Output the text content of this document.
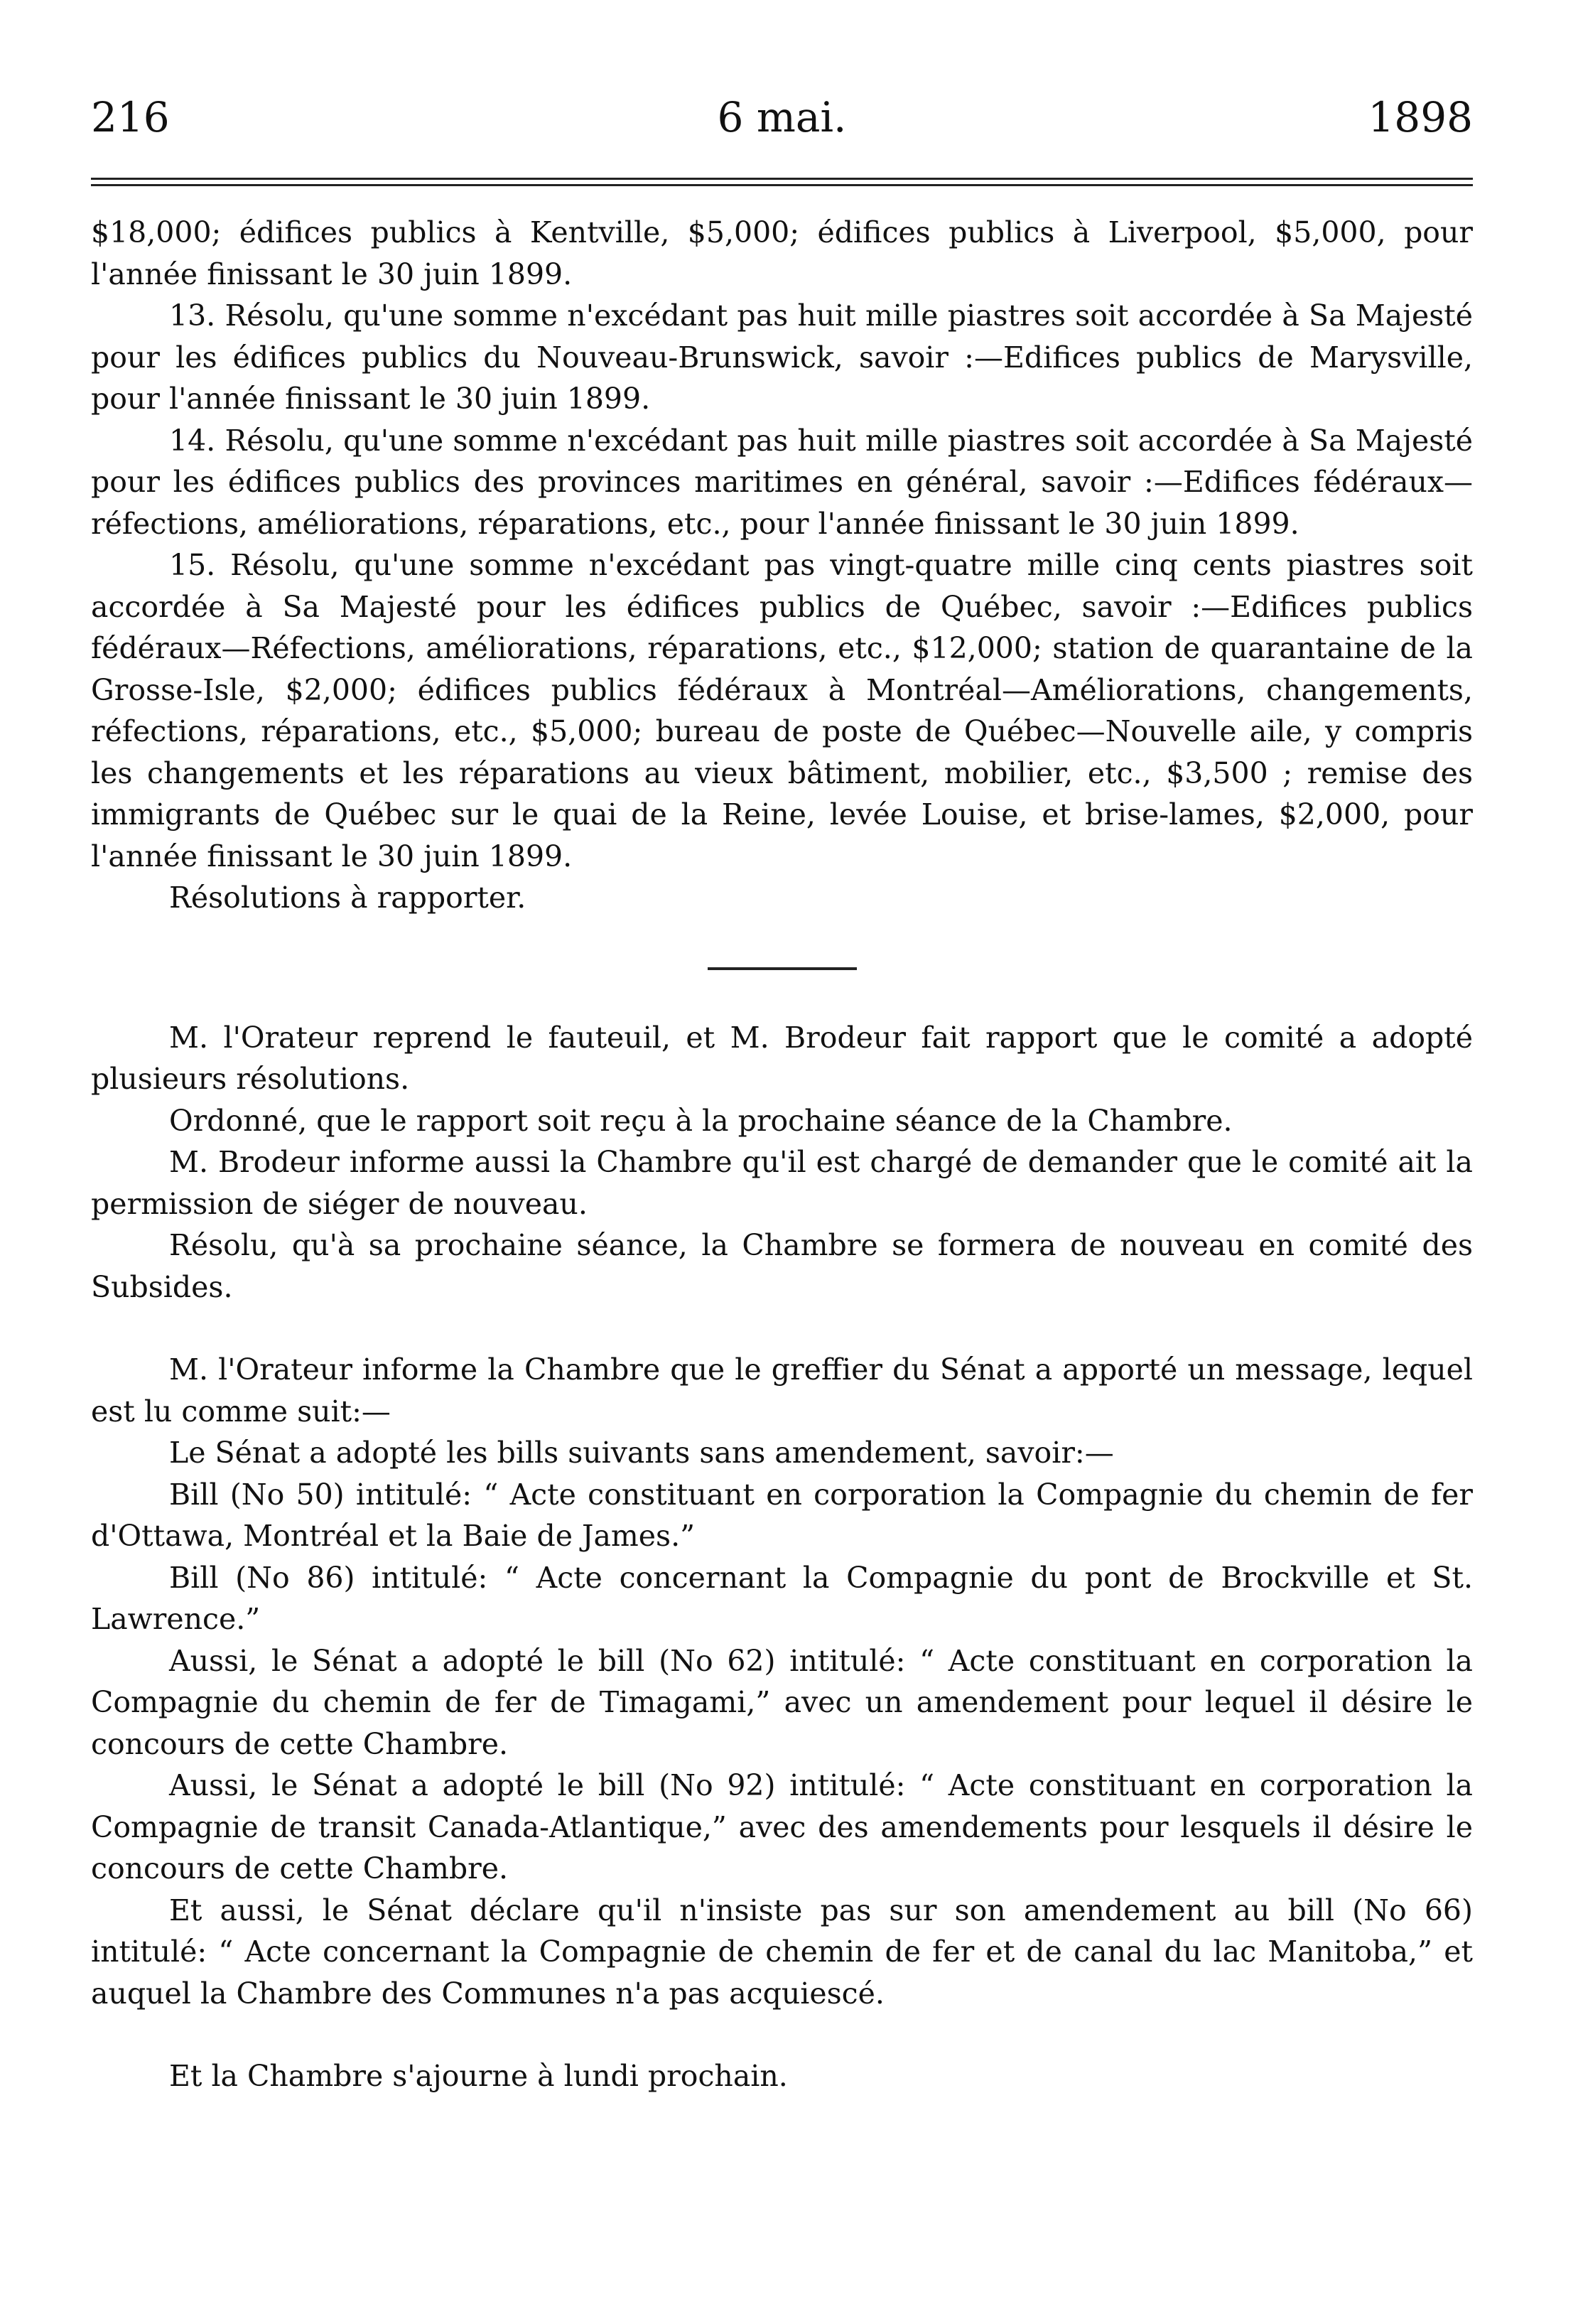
216	6 mai.	1898

$18,000; édifices publics à Kentville, $5,000; édifices publics à Liverpool, $5,000, pour l'année finissant le 30 juin 1899.

13. Résolu, qu'une somme n'excédant pas huit mille piastres soit accordée à Sa Majesté pour les édifices publics du Nouveau-Brunswick, savoir :—Edifices publics de Marysville, pour l'année finissant le 30 juin 1899.

14. Résolu, qu'une somme n'excédant pas huit mille piastres soit accordée à Sa Majesté pour les édifices publics des provinces maritimes en général, savoir :—Edifices fédéraux—réfections, améliorations, réparations, etc., pour l'année finissant le 30 juin 1899.

15. Résolu, qu'une somme n'excédant pas vingt-quatre mille cinq cents piastres soit accordée à Sa Majesté pour les édifices publics de Québec, savoir :—Edifices publics fédéraux—Réfections, améliorations, réparations, etc., $12,000; station de quarantaine de la Grosse-Isle, $2,000; édifices publics fédéraux à Montréal—Améliorations, changements, réfections, réparations, etc., $5,000; bureau de poste de Québec—Nouvelle aile, y compris les changements et les réparations au vieux bâtiment, mobilier, etc., $3,500 ; remise des immigrants de Québec sur le quai de la Reine, levée Louise, et brise-lames, $2,000, pour l'année finissant le 30 juin 1899.

Résolutions à rapporter.

M. l'Orateur reprend le fauteuil, et M. Brodeur fait rapport que le comité a adopté plusieurs résolutions.

Ordonné, que le rapport soit reçu à la prochaine séance de la Chambre.

M. Brodeur informe aussi la Chambre qu'il est chargé de demander que le comité ait la permission de siéger de nouveau.

Résolu, qu'à sa prochaine séance, la Chambre se formera de nouveau en comité des Subsides.

M. l'Orateur informe la Chambre que le greffier du Sénat a apporté un message, lequel est lu comme suit:—

Le Sénat a adopté les bills suivants sans amendement, savoir:—

Bill (No 50) intitulé: “ Acte constituant en corporation la Compagnie du chemin de fer d'Ottawa, Montréal et la Baie de James.”

Bill (No 86) intitulé: “ Acte concernant la Compagnie du pont de Brockville et St. Lawrence.”

Aussi, le Sénat a adopté le bill (No 62) intitulé: “ Acte constituant en corporation la Compagnie du chemin de fer de Timagami,” avec un amendement pour lequel il désire le concours de cette Chambre.

Aussi, le Sénat a adopté le bill (No 92) intitulé: “ Acte constituant en corporation la Compagnie de transit Canada-Atlantique,” avec des amendements pour lesquels il désire le concours de cette Chambre.

Et aussi, le Sénat déclare qu'il n'insiste pas sur son amendement au bill (No 66) intitulé: “ Acte concernant la Compagnie de chemin de fer et de canal du lac Manitoba,” et auquel la Chambre des Communes n'a pas acquiescé.

Et la Chambre s'ajourne à lundi prochain.
